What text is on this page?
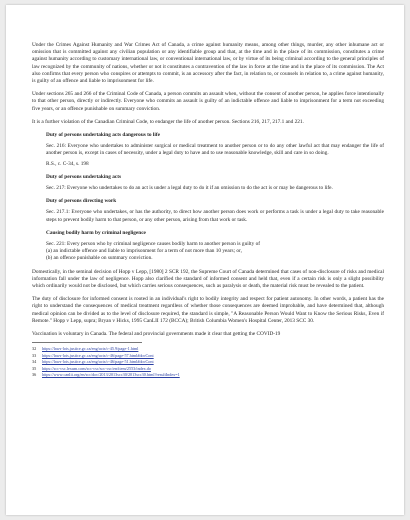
Under the Crimes Against Humanity and War Crimes Act of Canada, a crime against humanity means, among other things, murder, any other inhumane act or omission that is committed against any civilian population or any identifiable group and that, at the time and in the place of its commission, constitutes a crime against humanity according to customary international law, or conventional international law, or by virtue of its being criminal according to the general principles of law recognized by the community of nations, whether or not it constitutes a contravention of the law in force at the time and in the place of its commission. The Act also confirms that every person who conspires or attempts to commit, is an accessory after the fact, in relation to, or counsels in relation to, a crime against humanity, is guilty of an offence and liable to imprisonment for life.

Under sections 265 and 266 of the Criminal Code of Canada, a person commits an assault when, without the consent of another person, he applies force intentionally to that other person, directly or indirectly. Everyone who commits an assault is guilty of an indictable offence and liable to imprisonment for a term not exceeding five years, or an offence punishable on summary conviction.

It is a further violation of the Canadian Criminal Code, to endanger the life of another person. Sections 216, 217, 217.1 and 221.

Duty of persons undertaking acts dangerous to life

Sec. 216: Everyone who undertakes to administer surgical or medical treatment to another person or to do any other lawful act that may endanger the life of another person is, except in cases of necessity, under a legal duty to have and to use reasonable knowledge, skill and care in so doing.

R.S., c. C-34, s. 198

Duty of persons undertaking acts

Sec. 217: Everyone who undertakes to do an act is under a legal duty to do it if an omission to do the act is or may be dangerous to life.

Duty of persons directing work

Sec. 217.1: Everyone who undertakes, or has the authority, to direct how another person does work or performs a task is under a legal duty to take reasonable steps to prevent bodily harm to that person, or any other person, arising from that work or task.

Causing bodily harm by criminal negligence

Sec. 221: Every person who by criminal negligence causes bodily harm to another person is guilty of

(a) an indictable offence and liable to imprisonment for a term of not more than 10 years; or,

(b) an offence punishable on summary conviction.

Domestically, in the seminal decision of Hopp v Lepp, [1980] 2 SCR 192, the Supreme Court of Canada determined that cases of non-disclosure of risks and medical information fall under the law of negligence. Hopp also clarified the standard of informed consent and held that, even if a certain risk is only a slight possibility which ordinarily would not be disclosed, but which carries serious consequences, such as paralysis or death, the material risk must be revealed to the patient.

The duty of disclosure for informed consent is rooted in an individual's right to bodily integrity and respect for patient autonomy. In other words, a patient has the right to understand the consequences of medical treatment regardless of whether those consequences are deemed improbable, and have determined that, although medical opinion can be divided as to the level of disclosure required, the standard is simple, "A Reasonable Person Would Want to Know the Serious Risks, Even if Remote." Hopp v Lepp, supra; Bryan v Hicks, 1995 CanLII 172 (BCCA); British Columbia Women's Hospital Center, 2013 SCC 30.

Vaccination is voluntary in Canada. The federal and provincial governments made it clear that getting the COVID-19

32 https://laws-lois.justice.gc.ca/eng/acts/c-45.9/page-1.html
33 https://laws-lois.justice.gc.ca/eng/acts/c-46/page-57.html#docCont
34 https://laws-lois.justice.gc.ca/eng/acts/c-46/page-51.html#docCont
35 https://scc-csc.lexum.com/scc-csc/scc-csc/en/item/2553/index.do
36 https://www.canlii.org/en/scc/doc/2013/2013scc30/2013scc30.html?resultIndex=1
